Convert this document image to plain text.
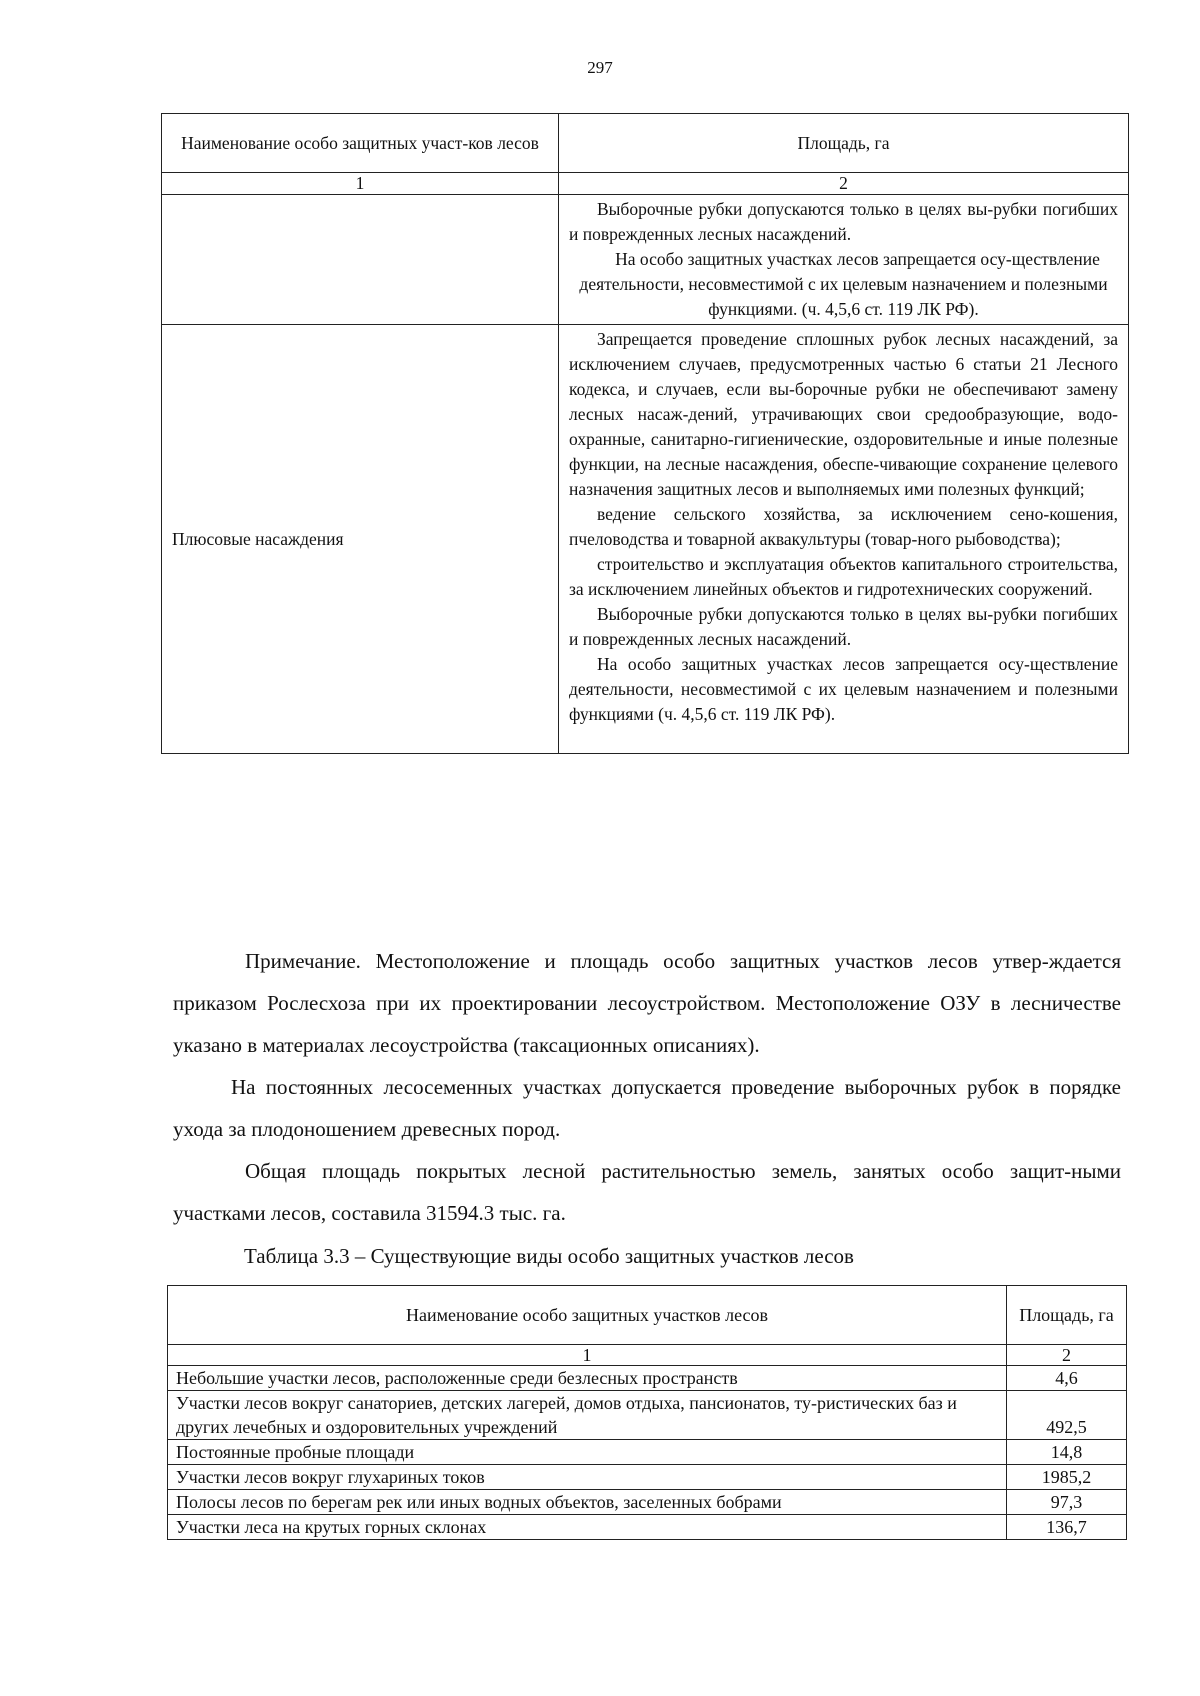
297
Наименование особо защитных участ-ков лесов	Площадь, га
1	2

	Выборочные рубки допускаются только в целях вы-рубки погибших и поврежденных лесных насаждений.

На особо защитных участках лесов запрещается осу-ществление деятельности, несовместимой с их целевым назначением и полезными функциями. (ч. 4,5,6 ст. 119 ЛК РФ).

Плюсовые насаждения	Запрещается проведение сплошных рубок лесных насаждений, за исключением случаев, предусмотренных частью 6 статьи 21 Лесного кодекса, и случаев, если вы-борочные рубки не обеспечивают замену лесных насаж-дений, утрачивающих свои средообразующие, водо-охранные, санитарно-гигиенические, оздоровительные и иные полезные функции, на лесные насаждения, обеспе-чивающие сохранение целевого назначения защитных лесов и выполняемых ими полезных функций;

ведение сельского хозяйства, за исключением сено-кошения, пчеловодства и товарной аквакультуры (товар-ного рыбоводства);

строительство и эксплуатация объектов капитального строительства, за исключением линейных объектов и гидротехнических сооружений.

Выборочные рубки допускаются только в целях вы-рубки погибших и поврежденных лесных насаждений.

На особо защитных участках лесов запрещается осу-ществление деятельности, несовместимой с их целевым назначением и полезными функциями (ч. 4,5,6 ст. 119 ЛК РФ).

Примечание. Местоположение и площадь особо защитных участков лесов утвер-ждается приказом Рослесхоза при их проектировании лесоустройством. Местоположение ОЗУ в лесничестве указано в материалах лесоустройства (таксационных описаниях).

На постоянных лесосеменных участках допускается проведение выборочных рубок в порядке ухода за плодоношением древесных пород.

Общая площадь покрытых лесной растительностью земель, занятых особо защит-ными участками лесов, составила 31594.3 тыс. га.

Таблица 3.3 – Существующие виды особо защитных участков лесов
Наименование особо защитных участков лесов	Площадь, га
1	2
Небольшие участки лесов, расположенные среди безлесных пространств	4,6
Участки лесов вокруг санаториев, детских лагерей, домов отдыха, пансионатов, ту-ристических баз и других лечебных и оздоровительных учреждений	492,5
Постоянные пробные площади	14,8
Участки лесов вокруг глухариных токов	1985,2
Полосы лесов по берегам рек или иных водных объектов, заселенных бобрами	97,3
Участки леса на крутых горных склонах	136,7
